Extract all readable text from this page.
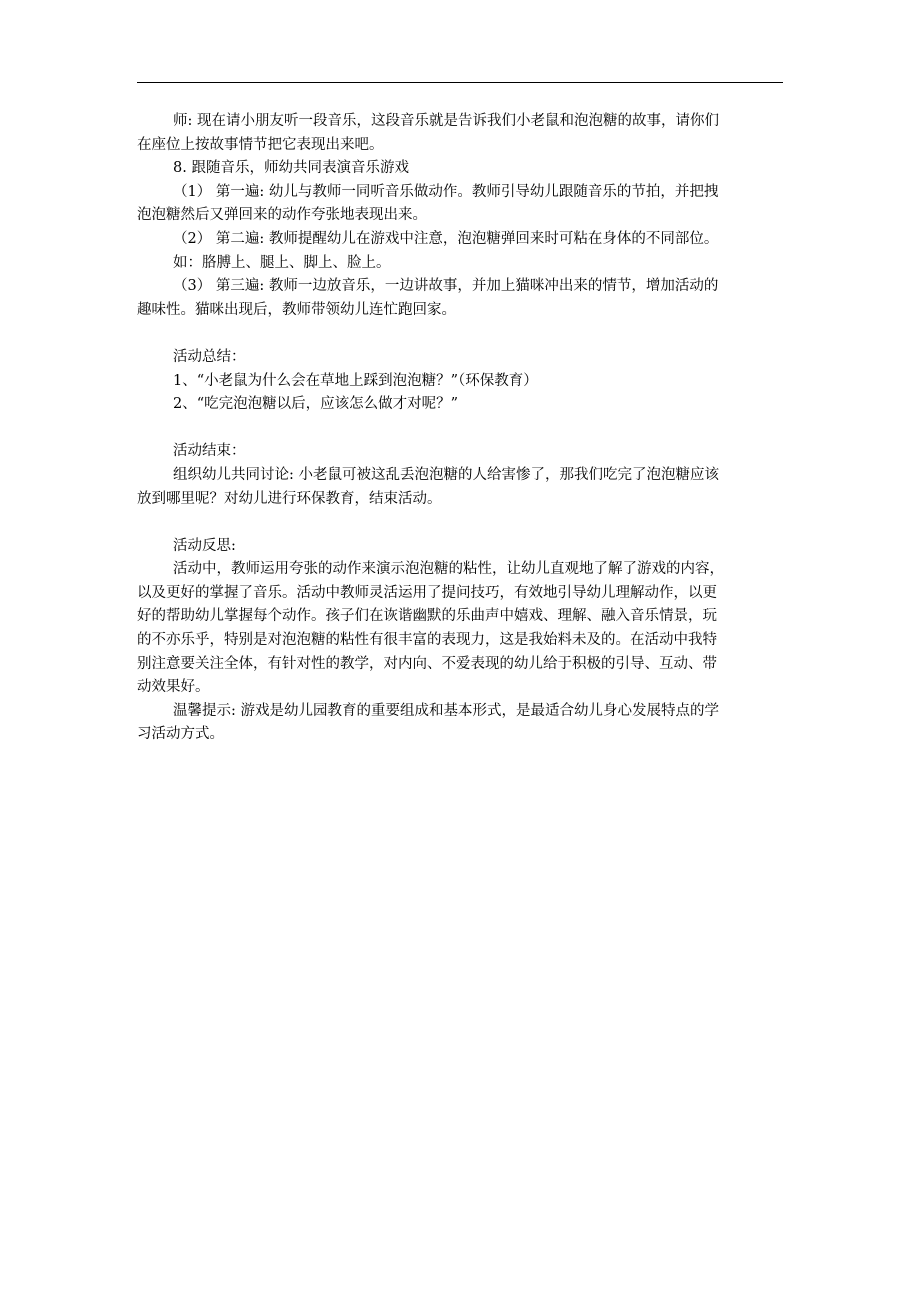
师: 现在请小朋友听一段音乐，这段音乐就是告诉我们小老鼠和泡泡糖的故事，请你们

在座位上按故事情节把它表现出来吧。

8. 跟随音乐，师幼共同表演音乐游戏

（1） 第一遍: 幼儿与教师一同听音乐做动作。教师引导幼儿跟随音乐的节拍，并把拽

泡泡糖然后又弹回来的动作夸张地表现出来。

（2） 第二遍: 教师提醒幼儿在游戏中注意，泡泡糖弹回来时可粘在身体的不同部位。

如：胳膊上、腿上、脚上、脸上。

（3） 第三遍: 教师一边放音乐，一边讲故事，并加上猫咪冲出来的情节，增加活动的

趣味性。猫咪出现后，教师带领幼儿连忙跑回家。

活动总结：

1、“小老鼠为什么会在草地上踩到泡泡糖？”（环保教育）

2、“吃完泡泡糖以后，应该怎么做才对呢？”

活动结束：

组织幼儿共同讨论: 小老鼠可被这乱丢泡泡糖的人给害惨了，那我们吃完了泡泡糖应该

放到哪里呢？对幼儿进行环保教育，结束活动。

活动反思:

活动中，教师运用夸张的动作来演示泡泡糖的粘性，让幼儿直观地了解了游戏的内容，

以及更好的掌握了音乐。活动中教师灵活运用了提问技巧，有效地引导幼儿理解动作，以更

好的帮助幼儿掌握每个动作。孩子们在诙谐幽默的乐曲声中嬉戏、理解、融入音乐情景，玩

的不亦乐乎，特别是对泡泡糖的粘性有很丰富的表现力，这是我始料未及的。在活动中我特

别注意要关注全体，有针对性的教学，对内向、不爱表现的幼儿给于积极的引导、互动、带

动效果好。

温馨提示: 游戏是幼儿园教育的重要组成和基本形式，是最适合幼儿身心发展特点的学

习活动方式。
